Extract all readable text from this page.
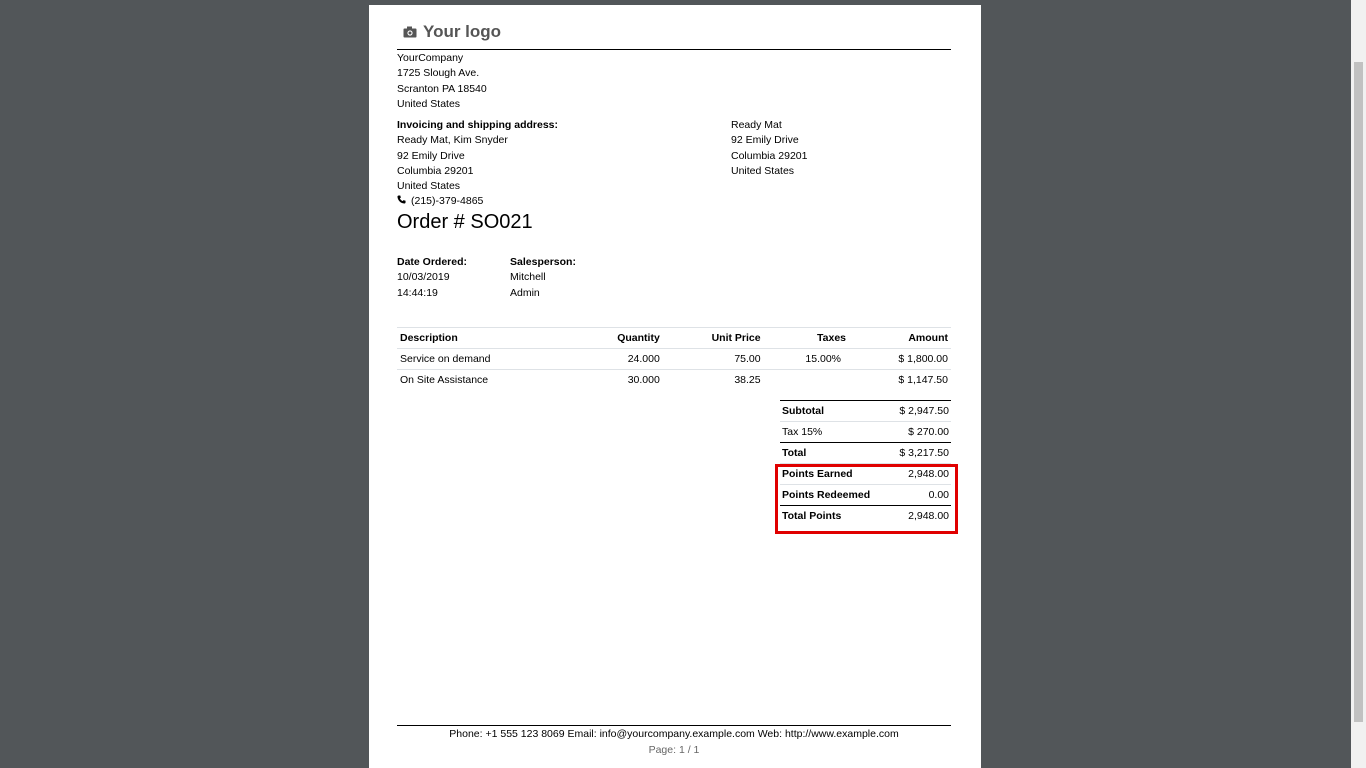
Your logo
YourCompany
1725 Slough Ave.
Scranton PA 18540
United States
Invoicing and shipping address:
Ready Mat, Kim Snyder
92 Emily Drive
Columbia 29201
United States
(215)-379-4865
Ready Mat
92 Emily Drive
Columbia 29201
United States
Order # SO021
Date Ordered:
10/03/2019
14:44:19
Salesperson:
Mitchell
Admin
Description	Quantity	Unit Price	Taxes	Amount
Service on demand	24.000	75.00	15.00%	$ 1,800.00
On Site Assistance	30.000	38.25		$ 1,147.50
Subtotal	$ 2,947.50
Tax 15%	$ 270.00
Total	$ 3,217.50
Points Earned	2,948.00
Points Redeemed	0.00
Total Points	2,948.00
Phone: +1 555 123 8069 Email: info@yourcompany.example.com Web: http://www.example.com
Page: 1 / 1
